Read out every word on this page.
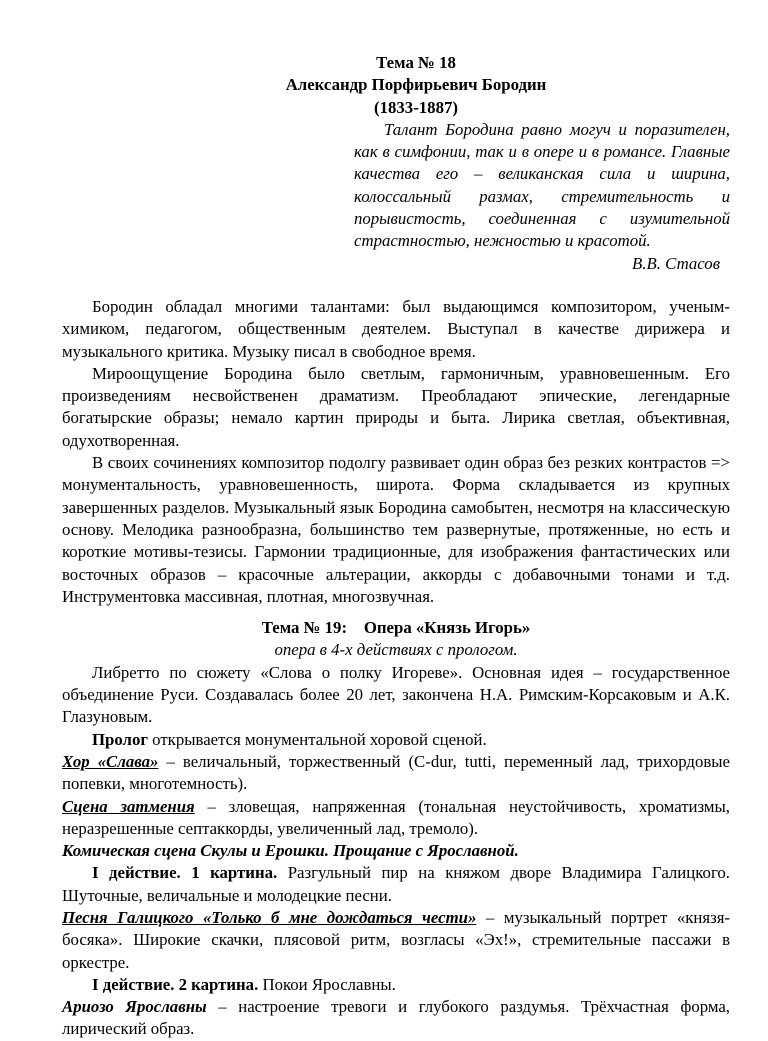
Тема № 18
Александр Порфирьевич Бородин
(1833-1887)
Талант Бородина равно могуч и поразителен, как в симфонии, так и в опере и в романсе. Главные качества его – великанская сила и ширина, колоссальный размах, стремительность и порывистость, соединенная с изумительной страстностью, нежностью и красотой.
В.В. Стасов

Бородин обладал многими талантами: был выдающимся композитором, ученым-химиком, педагогом, общественным деятелем. Выступал в качестве дирижера и музыкального критика. Музыку писал в свободное время.

Мироощущение Бородина было светлым, гармоничным, уравновешенным. Его произведениям несвойственен драматизм. Преобладают эпические, легендарные богатырские образы; немало картин природы и быта. Лирика светлая, объективная, одухотворенная.

В своих сочинениях композитор подолгу развивает один образ без резких контрастов => монументальность, уравновешенность, широта. Форма складывается из крупных завершенных разделов. Музыкальный язык Бородина самобытен, несмотря на классическую основу. Мелодика разнообразна, большинство тем развернутые, протяженные, но есть и короткие мотивы-тезисы. Гармонии традиционные, для изображения фантастических или восточных образов – красочные альтерации, аккорды с добавочными тонами и т.д. Инструментовка массивная, плотная, многозвучная.

Тема № 19: Опера «Князь Игорь»
опера в 4-х действиях с прологом.

Либретто по сюжету «Слова о полку Игореве». Основная идея – государственное объединение Руси. Создавалась более 20 лет, закончена Н.А. Римским-Корсаковым и А.К. Глазуновым.

Пролог открывается монументальной хоровой сценой.

Хор «Слава» – величальный, торжественный (C-dur, tutti, переменный лад, трихордовые попевки, многотемность).

Сцена затмения – зловещая, напряженная (тональная неустойчивость, хроматизмы, неразрешенные септаккорды, увеличенный лад, тремоло).

Комическая сцена Скулы и Ерошки. Прощание с Ярославной.

I действие. 1 картина. Разгульный пир на княжом дворе Владимира Галицкого. Шуточные, величальные и молодецкие песни.

Песня Галицкого «Только б мне дождаться чести» – музыкальный портрет «князя-босяка». Широкие скачки, плясовой ритм, возгласы «Эх!», стремительные пассажи в оркестре.

I действие. 2 картина. Покои Ярославны.

Ариозо Ярославны – настроение тревоги и глубокого раздумья. Трёхчастная форма, лирический образ.
